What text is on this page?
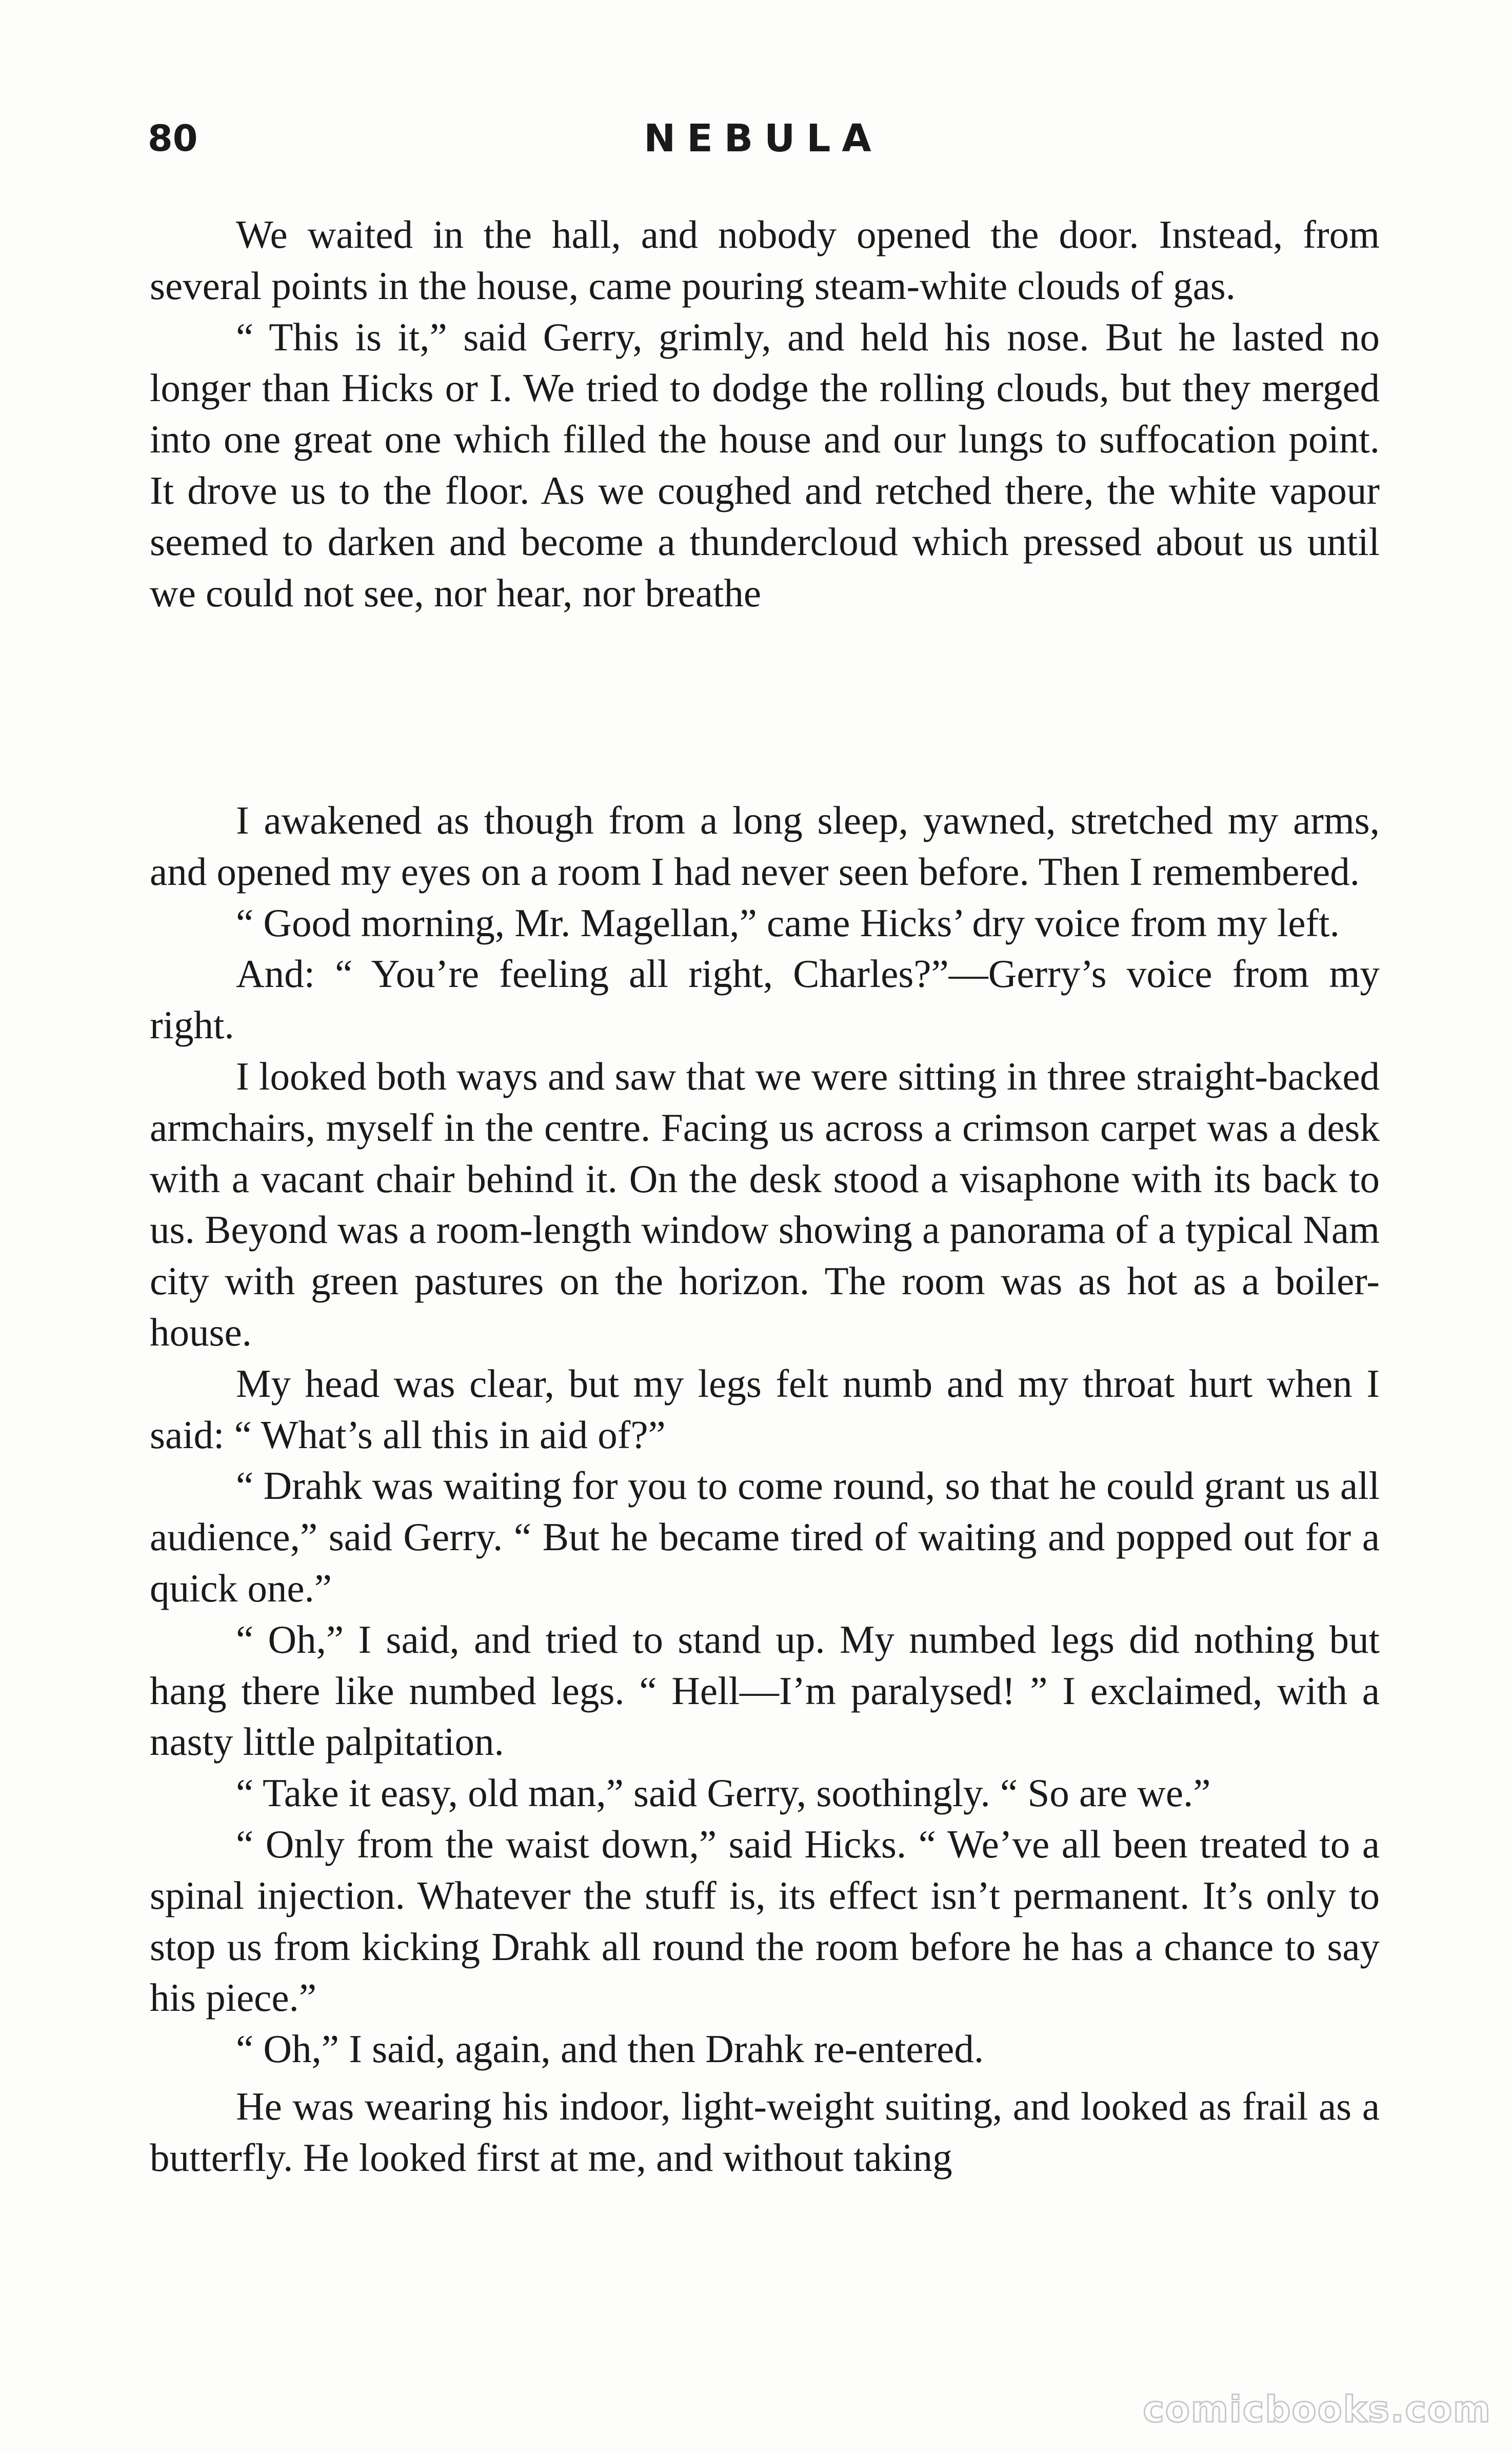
80	NEBULA

We waited in the hall, and nobody opened the door. Instead, from several points in the house, came pouring steam-white clouds of gas.

“ This is it,” said Gerry, grimly, and held his nose. But he lasted no longer than Hicks or I. We tried to dodge the rolling clouds, but they merged into one great one which filled the house and our lungs to suffocation point. It drove us to the floor. As we coughed and retched there, the white vapour seemed to darken and become a thundercloud which pressed about us until we could not see, nor hear, nor breathe

I awakened as though from a long sleep, yawned, stretched my arms, and opened my eyes on a room I had never seen before. Then I remembered.

“ Good morning, Mr. Magellan,” came Hicks’ dry voice from my left.

And: “ You’re feeling all right, Charles?”—Gerry’s voice from my right.

I looked both ways and saw that we were sitting in three straight-backed armchairs, myself in the centre. Facing us across a crimson carpet was a desk with a vacant chair behind it. On the desk stood a visaphone with its back to us. Beyond was a room-length window showing a panorama of a typical Nam city with green pastures on the horizon. The room was as hot as a boiler-house.

My head was clear, but my legs felt numb and my throat hurt when I said: “ What’s all this in aid of?”

“ Drahk was waiting for you to come round, so that he could grant us all audience,” said Gerry. “ But he became tired of waiting and popped out for a quick one.”

“ Oh,” I said, and tried to stand up. My numbed legs did nothing but hang there like numbed legs. “ Hell—I’m paralysed! ” I exclaimed, with a nasty little palpitation.

“ Take it easy, old man,” said Gerry, soothingly. “ So are we.”

“ Only from the waist down,” said Hicks. “ We’ve all been treated to a spinal injection. Whatever the stuff is, its effect isn’t permanent. It’s only to stop us from kicking Drahk all round the room before he has a chance to say his piece.”

“ Oh,” I said, again, and then Drahk re-entered.

He was wearing his indoor, light-weight suiting, and looked as frail as a butterfly. He looked first at me, and without taking

comicbooks.com
